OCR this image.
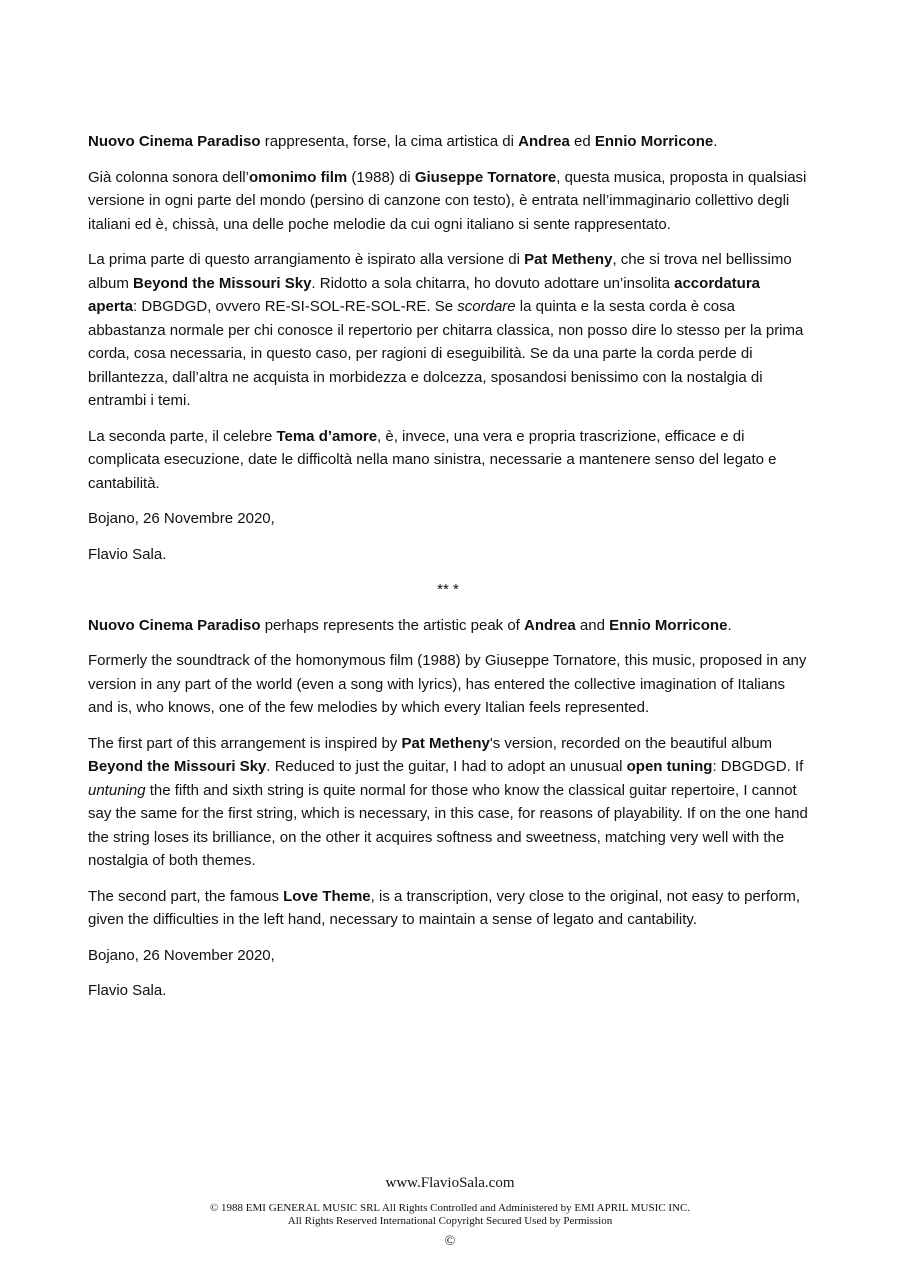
Nuovo Cinema Paradiso rappresenta, forse, la cima artistica di Andrea ed Ennio Morricone.

Già colonna sonora dell’omonimo film (1988) di Giuseppe Tornatore, questa musica, proposta in qualsiasi versione in ogni parte del mondo (persino di canzone con testo), è entrata nell’immaginario collettivo degli italiani ed è, chissà, una delle poche melodie da cui ogni italiano si sente rappresentato.

La prima parte di questo arrangiamento è ispirato alla versione di Pat Metheny, che si trova nel bellissimo album Beyond the Missouri Sky. Ridotto a sola chitarra, ho dovuto adottare un’insolita accordatura aperta: DBGDGD, ovvero RE-SI-SOL-RE-SOL-RE. Se scordare la quinta e la sesta corda è cosa abbastanza normale per chi conosce il repertorio per chitarra classica, non posso dire lo stesso per la prima corda, cosa necessaria, in questo caso, per ragioni di eseguibilità. Se da una parte la corda perde di brillantezza, dall’altra ne acquista in morbidezza e dolcezza, sposandosi benissimo con la nostalgia di entrambi i temi.

La seconda parte, il celebre Tema d’amore, è, invece, una vera e propria trascrizione, efficace e di complicata esecuzione, date le difficoltà nella mano sinistra, necessarie a mantenere senso del legato e cantabilità.

Bojano, 26 Novembre 2020,

Flavio Sala.

** *

Nuovo Cinema Paradiso perhaps represents the artistic peak of Andrea and Ennio Morricone.

Formerly the soundtrack of the homonymous film (1988) by Giuseppe Tornatore, this music, proposed in any version in any part of the world (even a song with lyrics), has entered the collective imagination of Italians and is, who knows, one of the few melodies by which every Italian feels represented.

The first part of this arrangement is inspired by Pat Metheny's version, recorded on the beautiful album Beyond the Missouri Sky. Reduced to just the guitar, I had to adopt an unusual open tuning: DBGDGD. If untuning the fifth and sixth string is quite normal for those who know the classical guitar repertoire, I cannot say the same for the first string, which is necessary, in this case, for reasons of playability. If on the one hand the string loses its brilliance, on the other it acquires softness and sweetness, matching very well with the nostalgia of both themes.

The second part, the famous Love Theme, is a transcription, very close to the original, not easy to perform, given the difficulties in the left hand, necessary to maintain a sense of legato and cantability.

Bojano, 26 November 2020,

Flavio Sala.

www.FlavioSala.com
© 1988 EMI GENERAL MUSIC SRL All Rights Controlled and Administered by EMI APRIL MUSIC INC.
All Rights Reserved International Copyright Secured Used by Permission
©
